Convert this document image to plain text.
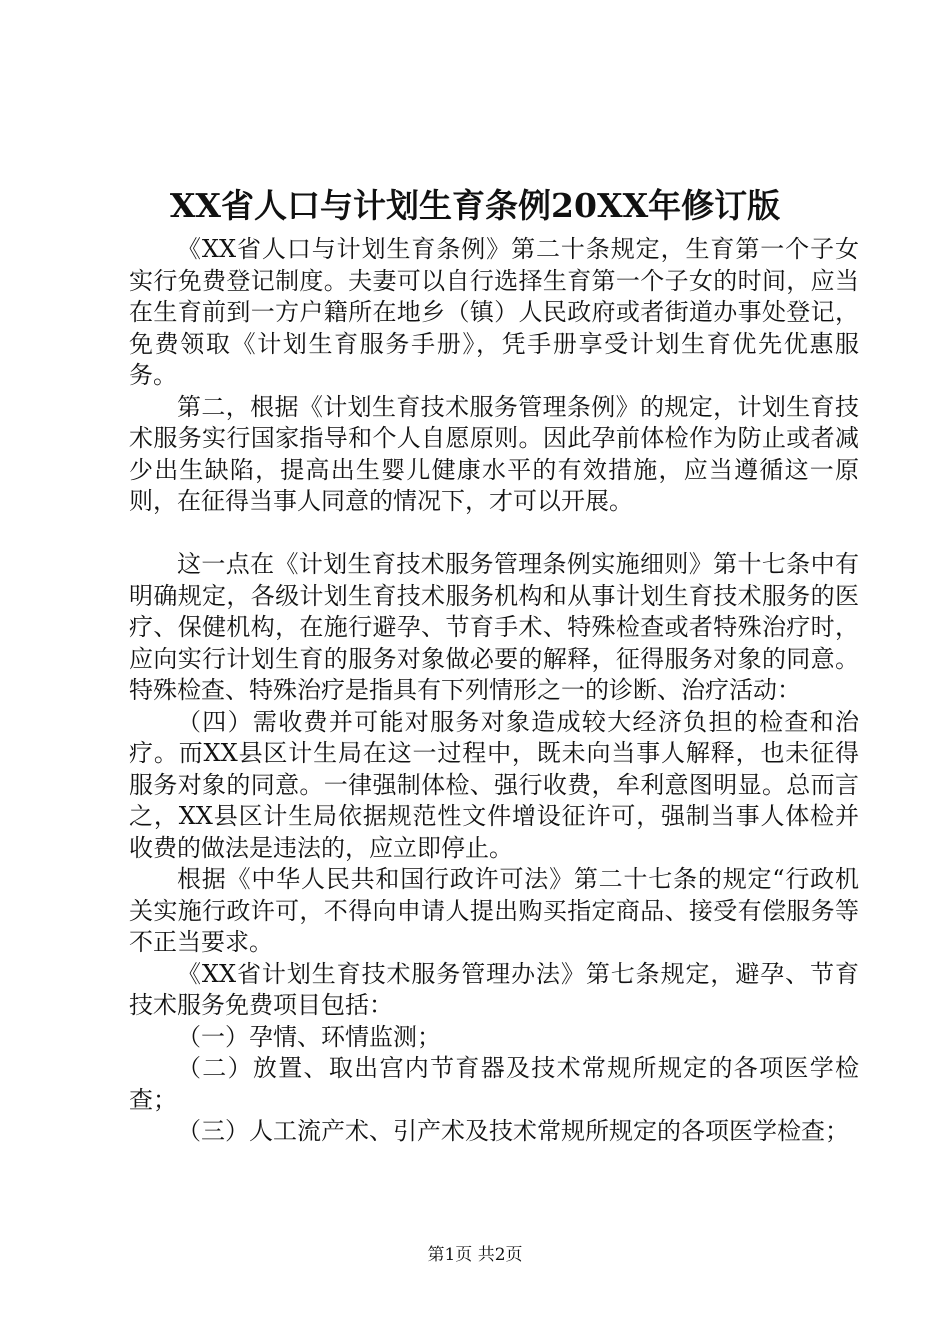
XX省人口与计划生育条例20XX年修订版

《XX省人口与计划生育条例》第二十条规定，生育第一个子女实行免费登记制度。夫妻可以自行选择生育第一个子女的时间，应当在生育前到一方户籍所在地乡（镇）人民政府或者街道办事处登记，免费领取《计划生育服务手册》，凭手册享受计划生育优先优惠服务。

第二，根据《计划生育技术服务管理条例》的规定，计划生育技术服务实行国家指导和个人自愿原则。因此孕前体检作为防止或者减少出生缺陷，提高出生婴儿健康水平的有效措施，应当遵循这一原则，在征得当事人同意的情况下，才可以开展。

这一点在《计划生育技术服务管理条例实施细则》第十七条中有明确规定，各级计划生育技术服务机构和从事计划生育技术服务的医疗、保健机构，在施行避孕、节育手术、特殊检查或者特殊治疗时，应向实行计划生育的服务对象做必要的解释，征得服务对象的同意。特殊检查、特殊治疗是指具有下列情形之一的诊断、治疗活动：

（四）需收费并可能对服务对象造成较大经济负担的检查和治疗。而XX县区计生局在这一过程中，既未向当事人解释，也未征得服务对象的同意。一律强制体检、强行收费，牟利意图明显。总而言之，XX县区计生局依据规范性文件增设征许可，强制当事人体检并收费的做法是违法的，应立即停止。

根据《中华人民共和国行政许可法》第二十七条的规定“行政机关实施行政许可，不得向申请人提出购买指定商品、接受有偿服务等不正当要求。

《XX省计划生育技术服务管理办法》第七条规定，避孕、节育技术服务免费项目包括：

（一）孕情、环情监测；

（二）放置、取出宫内节育器及技术常规所规定的各项医学检查；

（三）人工流产术、引产术及技术常规所规定的各项医学检查；

第1页 共2页
